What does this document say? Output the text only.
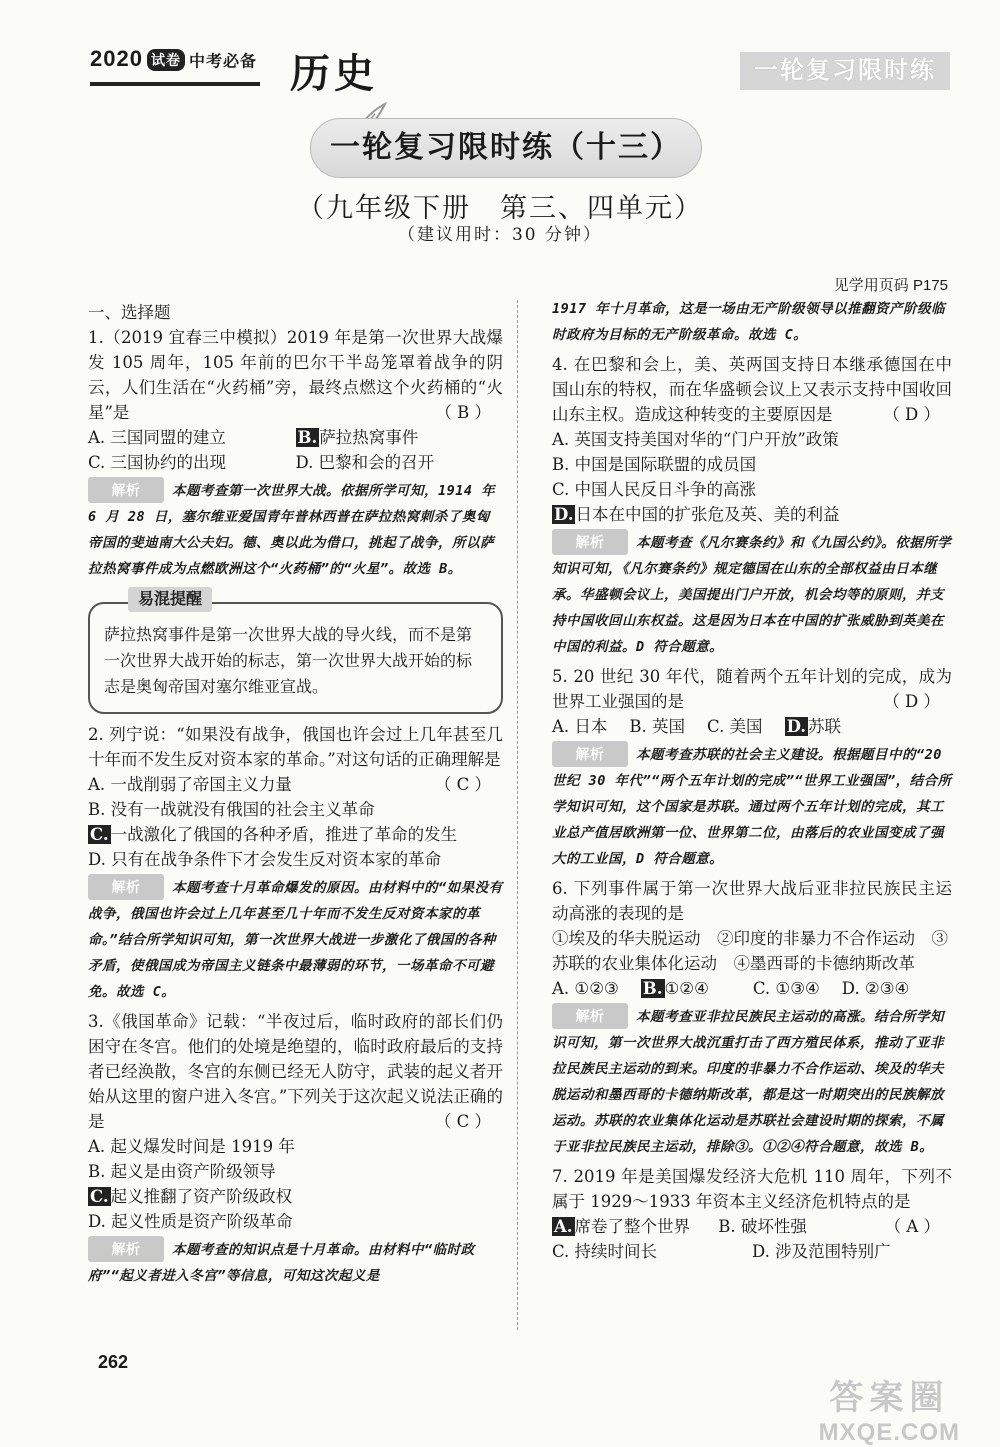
2020 试卷 中考必备 历史	一轮复习限时练
一轮复习限时练（十三）
（九年级下册　第三、四单元）
（建议用时：30 分钟）
见学用页码 P175
一、选择题

1.（2019 宜春三中模拟）2019 年是第一次世界大战爆发 105 周年，105 年前的巴尔干半岛笼罩着战争的阴云，人们生活在“火药桶”旁，最终点燃这个火药桶的“火星”是	（ B ）

A. 三国同盟的建立	B. 萨拉热窝事件
C. 三国协约的出现	D. 巴黎和会的召开
解析 本题考查第一次世界大战。依据所学可知，1914 年 6 月 28 日，塞尔维亚爱国青年普林西普在萨拉热窝刺杀了奥匈帝国的斐迪南大公夫妇。德、奥以此为借口，挑起了战争，所以萨拉热窝事件成为点燃欧洲这个“火药桶”的“火星”。故选 B。
易混提醒
萨拉热窝事件是第一次世界大战的导火线，而不是第一次世界大战开始的标志，第一次世界大战开始的标志是奥匈帝国对塞尔维亚宣战。

2. 列宁说：“如果没有战争，俄国也许会过上几年甚至几十年而不发生反对资本家的革命。”对这句话的正确理解是
（ C ）

A. 一战削弱了帝国主义力量
B. 没有一战就没有俄国的社会主义革命
C. 一战激化了俄国的各种矛盾，推进了革命的发生
D. 只有在战争条件下才会发生反对资本家的革命
解析 本题考查十月革命爆发的原因。由材料中的“如果没有战争，俄国也许会过上几年甚至几十年而不发生反对资本家的革命。”结合所学知识可知，第一次世界大战进一步激化了俄国的各种矛盾，使俄国成为帝国主义链条中最薄弱的环节，一场革命不可避免。故选 C。

3.《俄国革命》记载：“半夜过后，临时政府的部长们仍困守在冬宫。他们的处境是绝望的，临时政府最后的支持者已经涣散，冬宫的东侧已经无人防守，武装的起义者开始从这里的窗户进入冬宫。”下列关于这次起义说法正确的是	（ C ）

A. 起义爆发时间是 1919 年
B. 起义是由资产阶级领导
C. 起义推翻了资产阶级政权
D. 起义性质是资产阶级革命
解析 本题考查的知识点是十月革命。由材料中“临时政府”“起义者进入冬宫”等信息，可知这次起义是
1917 年十月革命，这是一场由无产阶级领导以推翻资产阶级临时政府为目标的无产阶级革命。故选 C。

4. 在巴黎和会上，美、英两国支持日本继承德国在中国山东的特权，而在华盛顿会议上又表示支持中国收回山东主权。造成这种转变的主要原因是	（ D ）

A. 英国支持美国对华的“门户开放”政策
B. 中国是国际联盟的成员国
C. 中国人民反日斗争的高涨
D. 日本在中国的扩张危及英、美的利益
解析 本题考查《凡尔赛条约》和《九国公约》。依据所学知识可知，《凡尔赛条约》规定德国在山东的全部权益由日本继承。华盛顿会议上，美国提出门户开放，机会均等的原则，并支持中国收回山东权益。这是因为日本在中国的扩张威胁到英美在中国的利益。D 符合题意。

5. 20 世纪 30 年代，随着两个五年计划的完成，成为世界工业强国的是	（ D ）

A. 日本 B. 英国 C. 美国 D. 苏联
解析 本题考查苏联的社会主义建设。根据题目中的“20 世纪 30 年代”“两个五年计划的完成”“世界工业强国”，结合所学知识可知，这个国家是苏联。通过两个五年计划的完成，其工业总产值居欧洲第一位、世界第二位，由落后的农业国变成了强大的工业国，D 符合题意。

6. 下列事件属于第一次世界大战后亚非拉民族民主运动高涨的表现的是

①埃及的华夫脱运动　②印度的非暴力不合作运动　③苏联的农业集体化运动　④墨西哥的卡德纳斯改革
A. ①②③ B. ①②④	C. ①③④ D. ②③④
解析 本题考查亚非拉民族民主运动的高涨。结合所学知识可知，第一次世界大战沉重打击了西方殖民体系，推动了亚非拉民族民主运动的到来。印度的非暴力不合作运动、埃及的华夫脱运动和墨西哥的卡德纳斯改革，都是这一时期突出的民族解放运动。苏联的农业集体化运动是苏联社会建设时期的探索，不属于亚非拉民族民主运动，排除③。①②④符合题意，故选 B。

7. 2019 年是美国爆发经济大危机 110 周年，下列不属于 1929～1933 年资本主义经济危机特点的是
（ A ）

A. 席卷了整个世界	B. 破坏性强
C. 持续时间长	D. 涉及范围特别广
262
答案圈
MXQE.COM
